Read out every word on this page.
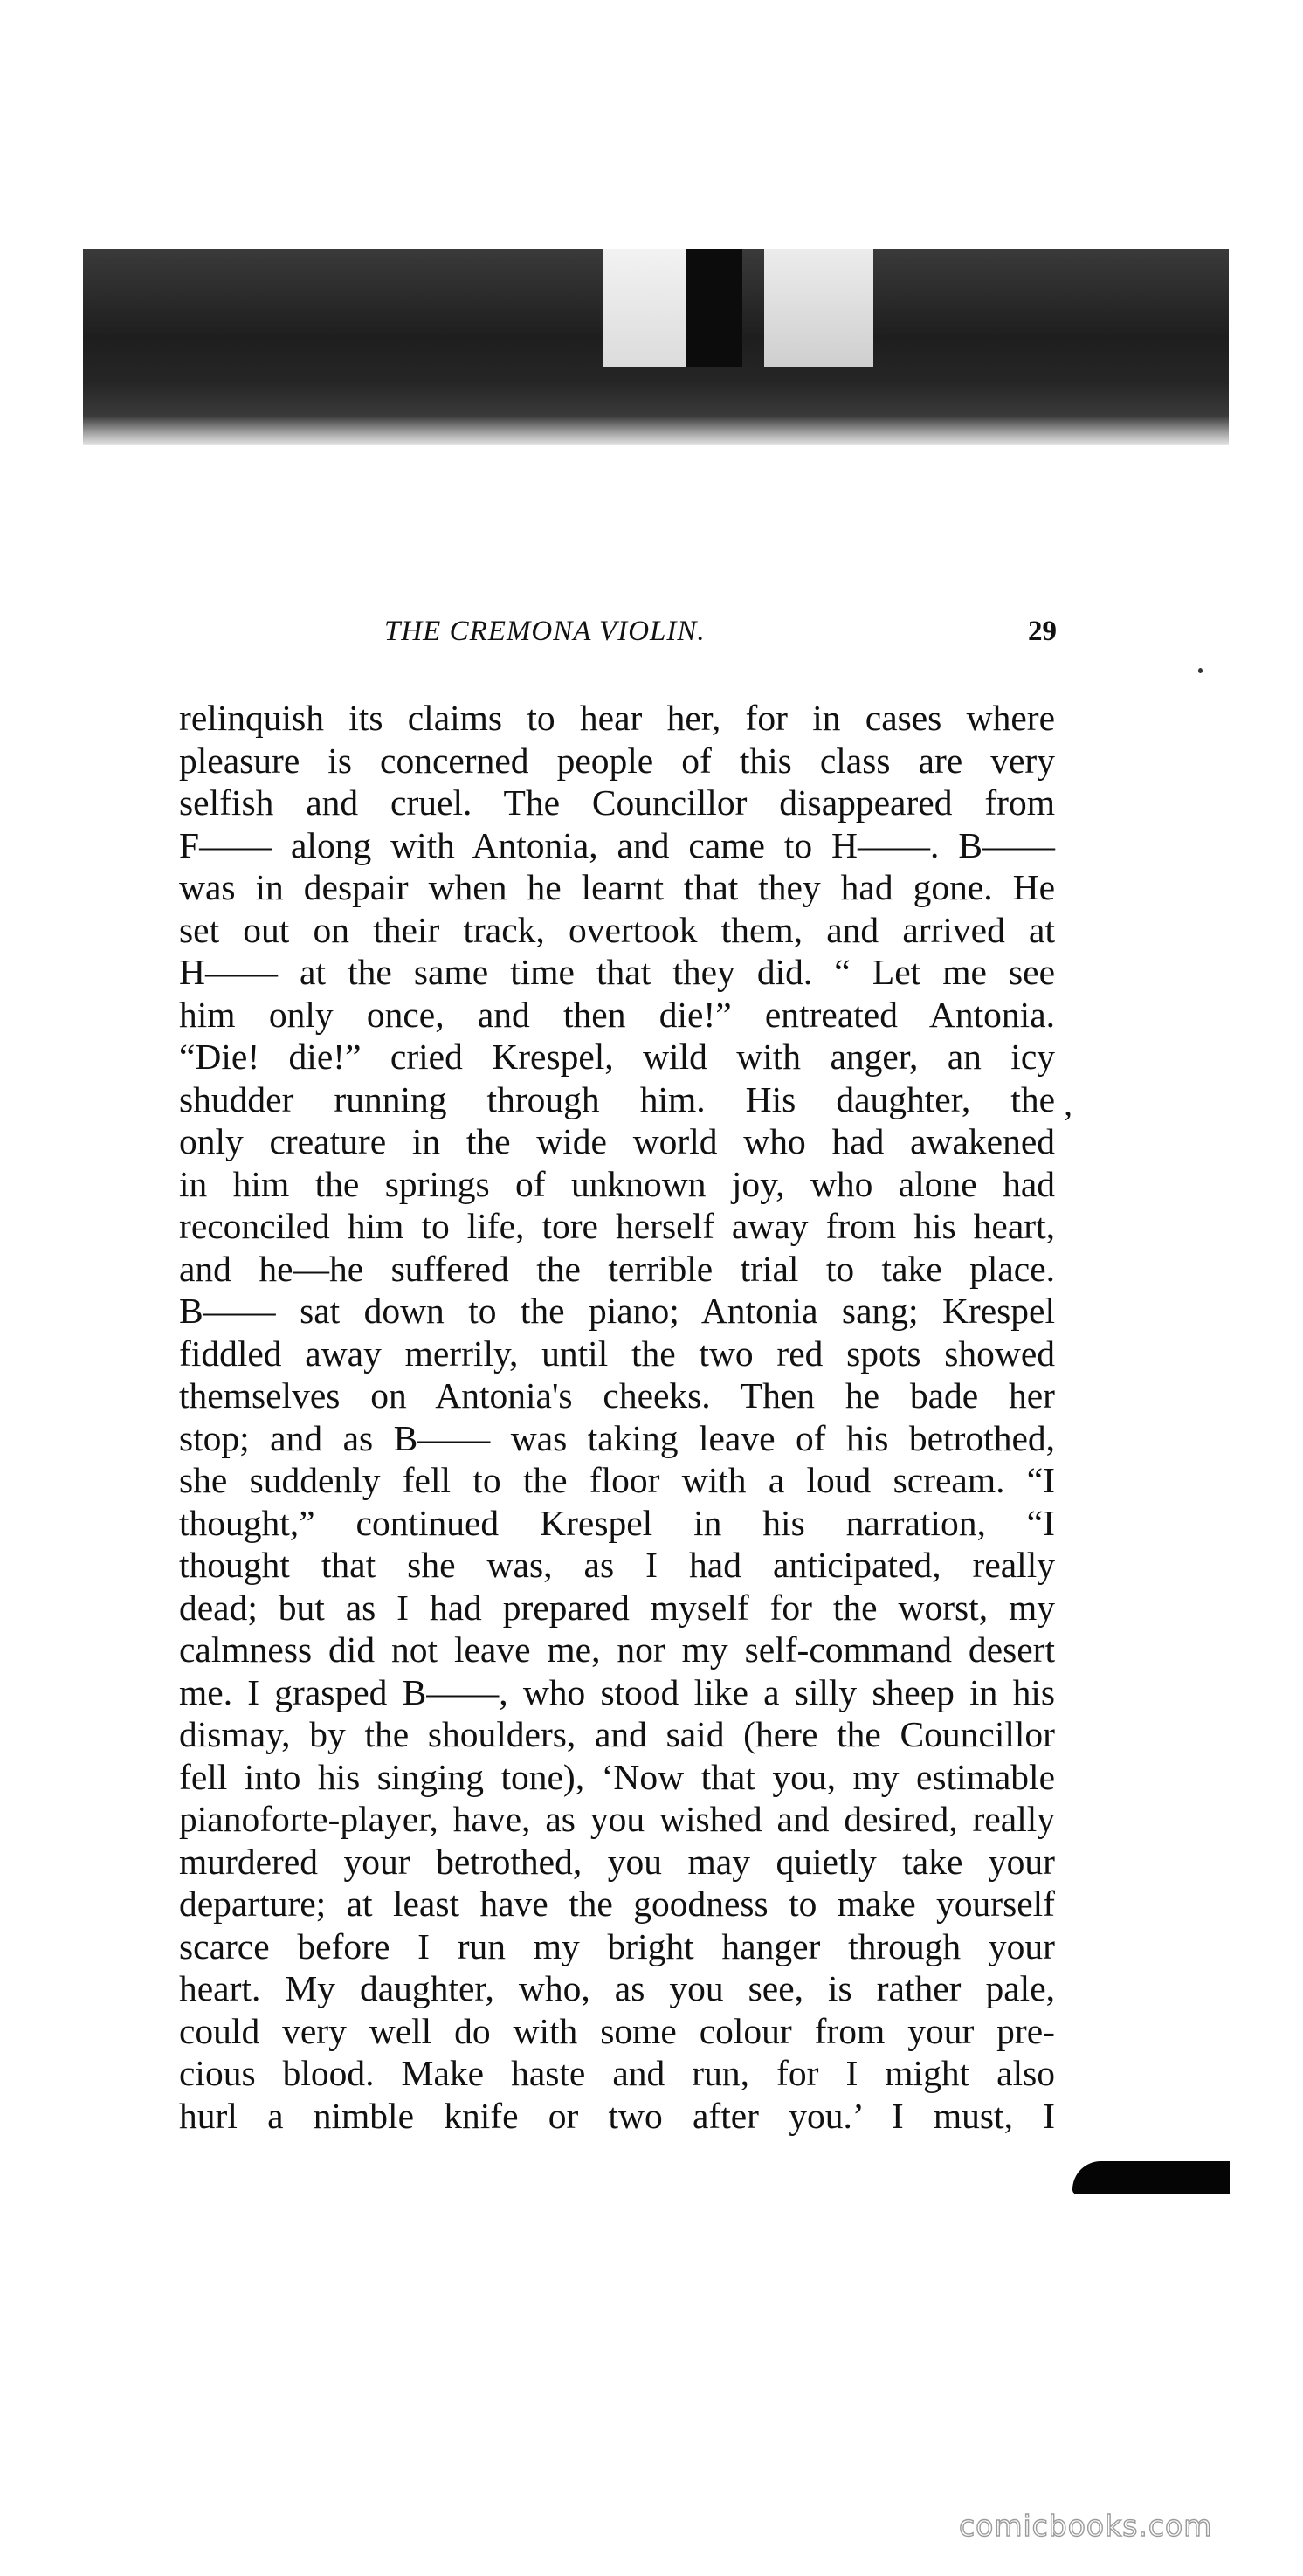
THE CREMONA VIOLIN.	29
relinquish its claims to hear her, for in cases where
pleasure is concerned people of this class are very
selfish and cruel. The Councillor disappeared from
F—— along with Antonia, and came to H——. B——
was in despair when he learnt that they had gone. He
set out on their track, overtook them, and arrived at
H—— at the same time that they did. “ Let me see
him only once, and then die!” entreated Antonia.
“Die! die!” cried Krespel, wild with anger, an icy
shudder running through him. His daughter, the
only creature in the wide world who had awakened
in him the springs of unknown joy, who alone had
reconciled him to life, tore herself away from his heart,
and he—he suffered the terrible trial to take place.
B—— sat down to the piano; Antonia sang; Krespel
fiddled away merrily, until the two red spots showed
themselves on Antonia's cheeks. Then he bade her
stop; and as B—— was taking leave of his betrothed,
she suddenly fell to the floor with a loud scream. “I
thought,” continued Krespel in his narration, “I
thought that she was, as I had anticipated, really
dead; but as I had prepared myself for the worst, my
calmness did not leave me, nor my self-command desert
me. I grasped B——, who stood like a silly sheep in his
dismay, by the shoulders, and said (here the Councillor
fell into his singing tone), ‘Now that you, my estimable
pianoforte-player, have, as you wished and desired, really
murdered your betrothed, you may quietly take your
departure; at least have the goodness to make yourself
scarce before I run my bright hanger through your
heart. My daughter, who, as you see, is rather pale,
could very well do with some colour from your pre-
cious blood. Make haste and run, for I might also
hurl a nimble knife or two after you.’ I must, I
,
comicbooks.com
